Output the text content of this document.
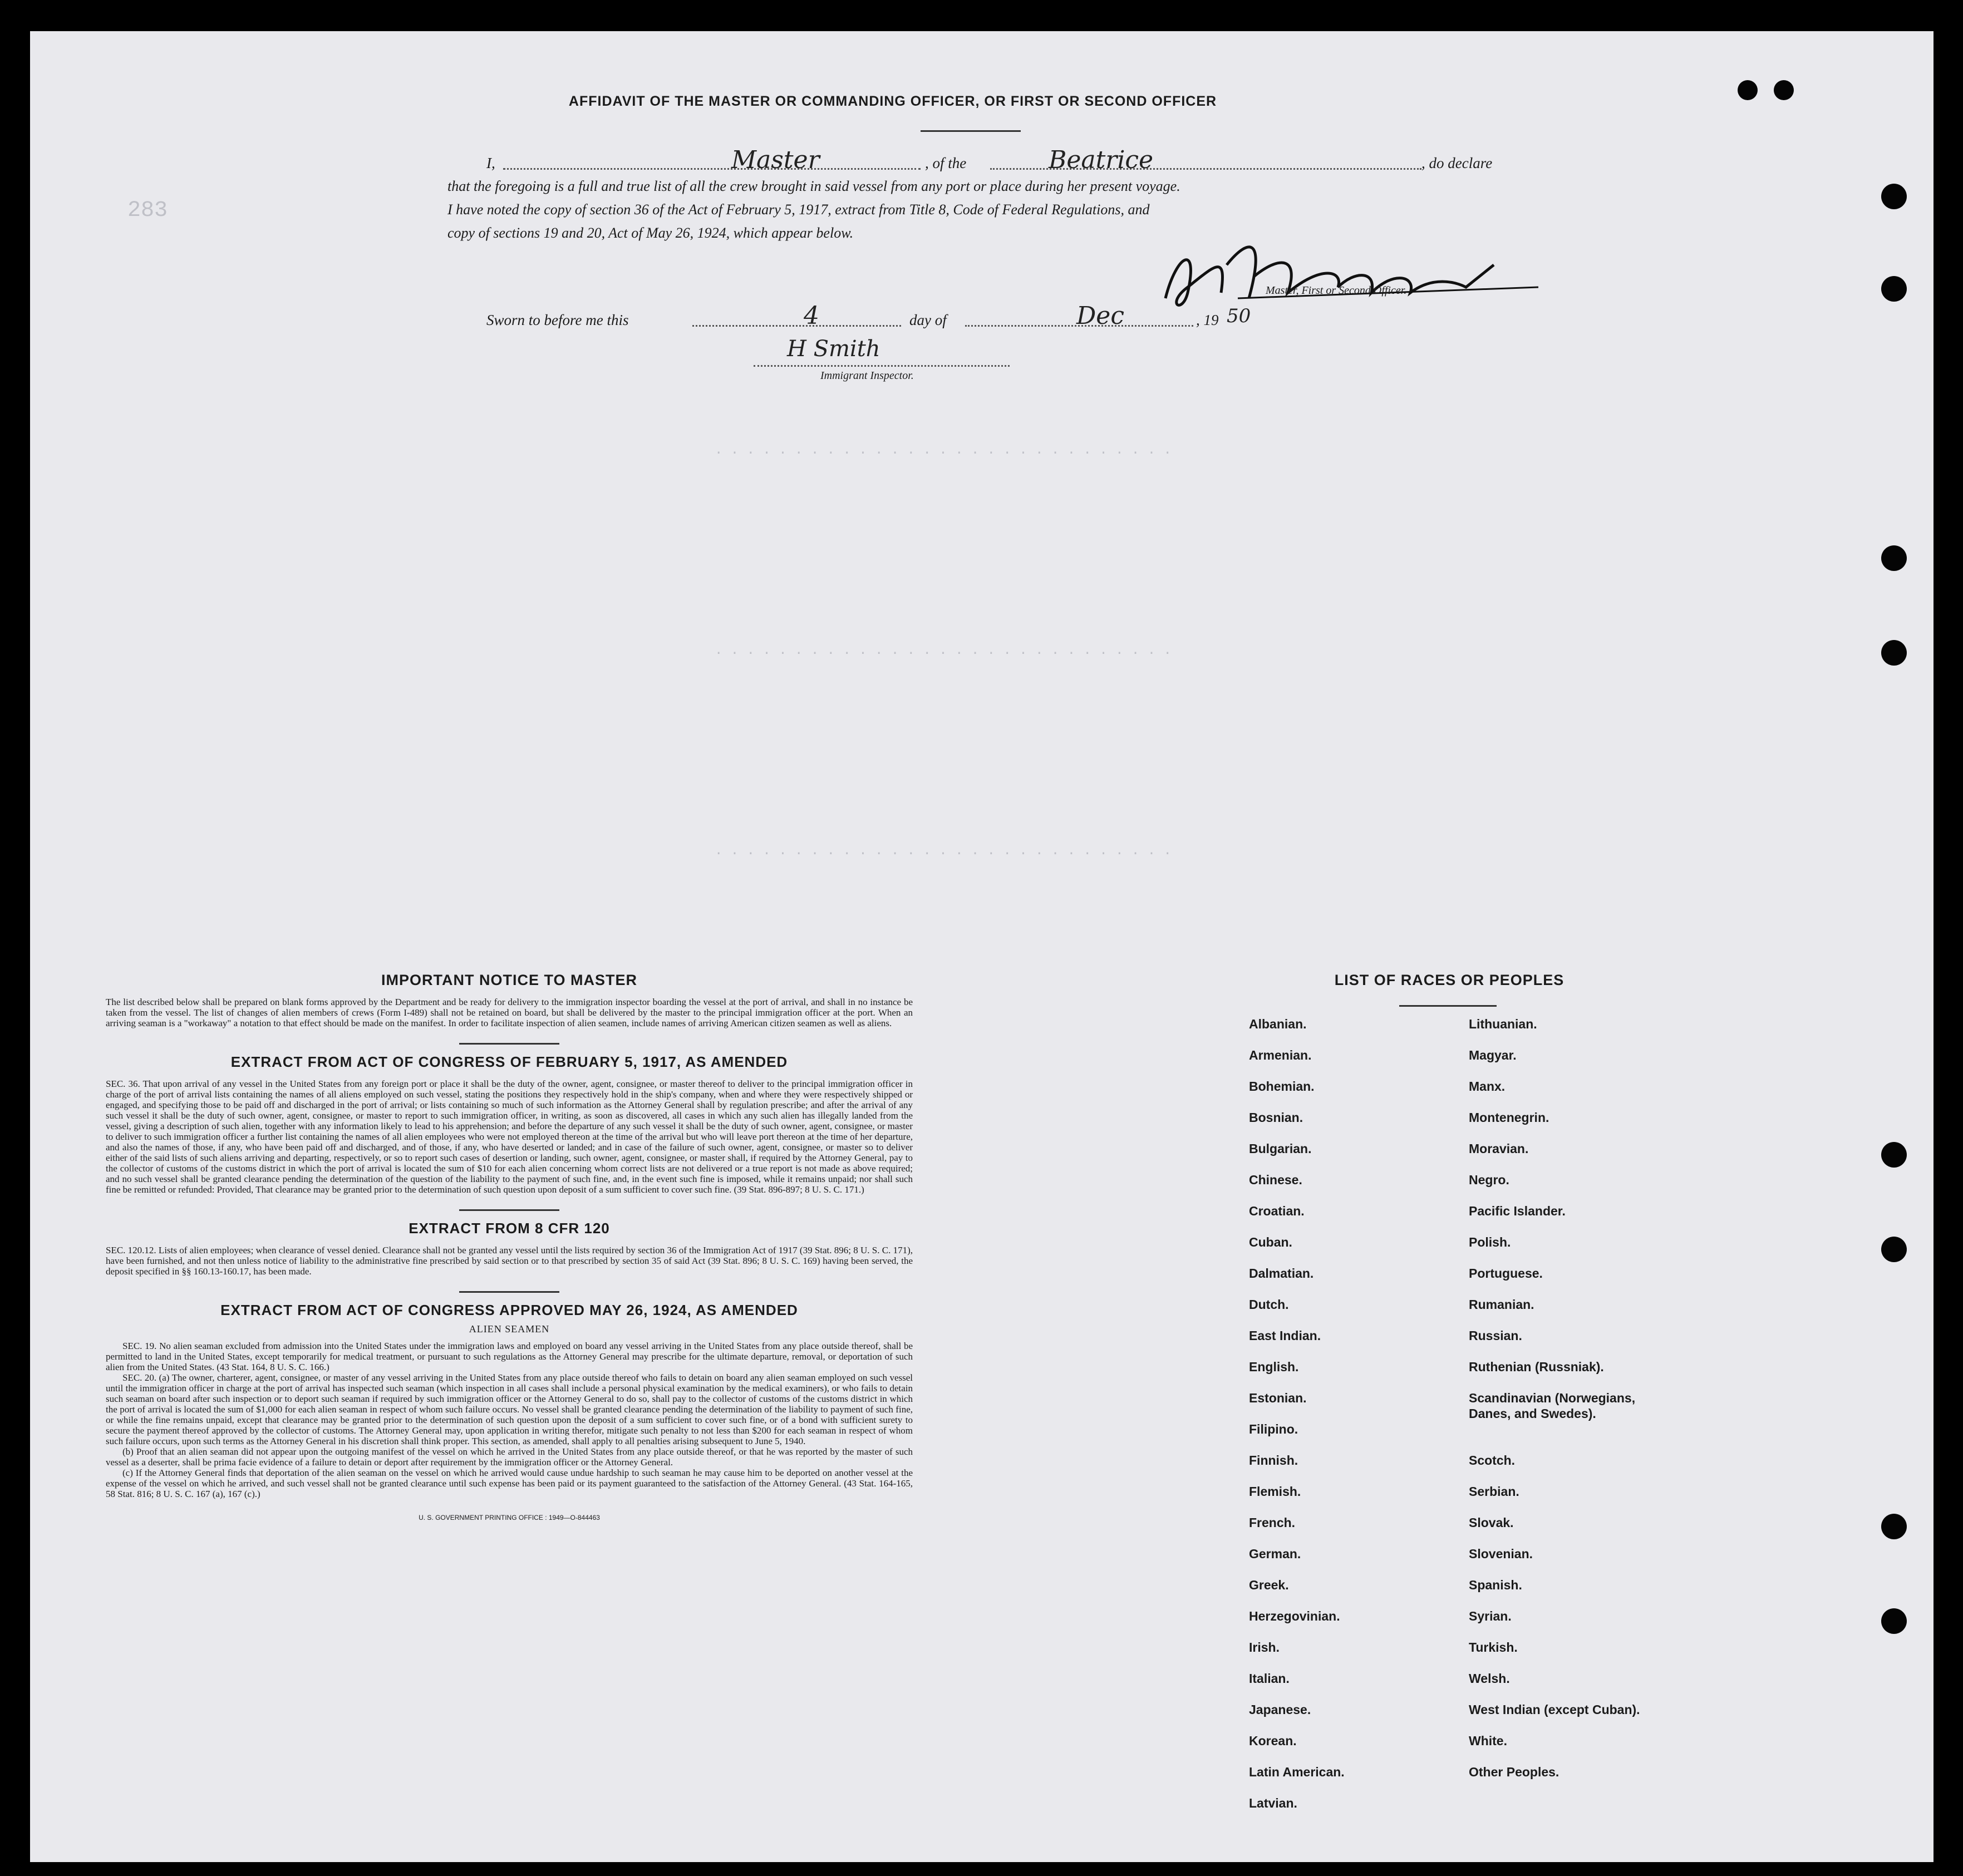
283
. . . . . . . . . . . . . . . . . . . . . . . . . . . . .
. . . . . . . . . . . . . . . . . . . . . . . . . . . . .
. . . . . . . . . . . . . . . . . . . . . . . . . . . . .
AFFIDAVIT OF THE MASTER OR COMMANDING OFFICER, OR FIRST OR SECOND OFFICER
I,	Master	, of the	Beatrice	, do declare
that the foregoing is a full and true list of all the crew brought in said vessel from any port or place during her present voyage.
I have noted the copy of section 36 of the Act of February 5, 1917, extract from Title 8, Code of Federal Regulations, and
copy of sections 19 and 20, Act of May 26, 1924, which appear below.
Master, First or Second Officer.
Sworn to before me this	4	day of	Dec	, 19 50
H Smith
Immigrant Inspector.
IMPORTANT NOTICE TO MASTER

The list described below shall be prepared on blank forms approved by the Department and be ready for delivery to the immigration inspector boarding the vessel at the port of arrival, and shall in no instance be taken from the vessel. The list of changes of alien members of crews (Form I-489) shall not be retained on board, but shall be delivered by the master to the principal immigration officer at the port. When an arriving seaman is a "workaway" a notation to that effect should be made on the manifest. In order to facilitate inspection of alien seamen, include names of arriving American citizen seamen as well as aliens.

EXTRACT FROM ACT OF CONGRESS OF FEBRUARY 5, 1917, AS AMENDED

SEC. 36. That upon arrival of any vessel in the United States from any foreign port or place it shall be the duty of the owner, agent, consignee, or master thereof to deliver to the principal immigration officer in charge of the port of arrival lists containing the names of all aliens employed on such vessel, stating the positions they respectively hold in the ship's company, when and where they were respectively shipped or engaged, and specifying those to be paid off and discharged in the port of arrival; or lists containing so much of such information as the Attorney General shall by regulation prescribe; and after the arrival of any such vessel it shall be the duty of such owner, agent, consignee, or master to report to such immigration officer, in writing, as soon as discovered, all cases in which any such alien has illegally landed from the vessel, giving a description of such alien, together with any information likely to lead to his apprehension; and before the departure of any such vessel it shall be the duty of such owner, agent, consignee, or master to deliver to such immigration officer a further list containing the names of all alien employees who were not employed thereon at the time of the arrival but who will leave port thereon at the time of her departure, and also the names of those, if any, who have been paid off and discharged, and of those, if any, who have deserted or landed; and in case of the failure of such owner, agent, consignee, or master so to deliver either of the said lists of such aliens arriving and departing, respectively, or so to report such cases of desertion or landing, such owner, agent, consignee, or master shall, if required by the Attorney General, pay to the collector of customs of the customs district in which the port of arrival is located the sum of $10 for each alien concerning whom correct lists are not delivered or a true report is not made as above required; and no such vessel shall be granted clearance pending the determination of the question of the liability to the payment of such fine, and, in the event such fine is imposed, while it remains unpaid; nor shall such fine be remitted or refunded: Provided, That clearance may be granted prior to the determination of such question upon deposit of a sum sufficient to cover such fine. (39 Stat. 896-897; 8 U. S. C. 171.)

EXTRACT FROM 8 CFR 120

SEC. 120.12. Lists of alien employees; when clearance of vessel denied. Clearance shall not be granted any vessel until the lists required by section 36 of the Immigration Act of 1917 (39 Stat. 896; 8 U. S. C. 171), have been furnished, and not then unless notice of liability to the administrative fine prescribed by said section or to that prescribed by section 35 of said Act (39 Stat. 896; 8 U. S. C. 169) having been served, the deposit specified in §§ 160.13-160.17, has been made.

EXTRACT FROM ACT OF CONGRESS APPROVED MAY 26, 1924, AS AMENDED
ALIEN SEAMEN

SEC. 19. No alien seaman excluded from admission into the United States under the immigration laws and employed on board any vessel arriving in the United States from any place outside thereof, shall be permitted to land in the United States, except temporarily for medical treatment, or pursuant to such regulations as the Attorney General may prescribe for the ultimate departure, removal, or deportation of such alien from the United States. (43 Stat. 164, 8 U. S. C. 166.)

SEC. 20. (a) The owner, charterer, agent, consignee, or master of any vessel arriving in the United States from any place outside thereof who fails to detain on board any alien seaman employed on such vessel until the immigration officer in charge at the port of arrival has inspected such seaman (which inspection in all cases shall include a personal physical examination by the medical examiners), or who fails to detain such seaman on board after such inspection or to deport such seaman if required by such immigration officer or the Attorney General to do so, shall pay to the collector of customs of the customs district in which the port of arrival is located the sum of $1,000 for each alien seaman in respect of whom such failure occurs. No vessel shall be granted clearance pending the determination of the liability to payment of such fine, or while the fine remains unpaid, except that clearance may be granted prior to the determination of such question upon the deposit of a sum sufficient to cover such fine, or of a bond with sufficient surety to secure the payment thereof approved by the collector of customs. The Attorney General may, upon application in writing therefor, mitigate such penalty to not less than $200 for each seaman in respect of whom such failure occurs, upon such terms as the Attorney General in his discretion shall think proper. This section, as amended, shall apply to all penalties arising subsequent to June 5, 1940.

(b) Proof that an alien seaman did not appear upon the outgoing manifest of the vessel on which he arrived in the United States from any place outside thereof, or that he was reported by the master of such vessel as a deserter, shall be prima facie evidence of a failure to detain or deport after requirement by the immigration officer or the Attorney General.

(c) If the Attorney General finds that deportation of the alien seaman on the vessel on which he arrived would cause undue hardship to such seaman he may cause him to be deported on another vessel at the expense of the vessel on which he arrived, and such vessel shall not be granted clearance until such expense has been paid or its payment guaranteed to the satisfaction of the Attorney General. (43 Stat. 164-165, 58 Stat. 816; 8 U. S. C. 167 (a), 167 (c).)

U. S. GOVERNMENT PRINTING OFFICE : 1949—O-844463
LIST OF RACES OR PEOPLES
Albanian.
Armenian.
Bohemian.
Bosnian.
Bulgarian.
Chinese.
Croatian.
Cuban.
Dalmatian.
Dutch.
East Indian.
English.
Estonian.
Filipino.
Finnish.
Flemish.
French.
German.
Greek.
Herzegovinian.
Irish.
Italian.
Japanese.
Korean.
Latin American.
Latvian.
Lithuanian.
Magyar.
Manx.
Montenegrin.
Moravian.
Negro.
Pacific Islander.
Polish.
Portuguese.
Rumanian.
Russian.
Ruthenian (Russniak).
Scandinavian (Norwegians,
Danes, and Swedes).
Scotch.
Serbian.
Slovak.
Slovenian.
Spanish.
Syrian.
Turkish.
Welsh.
West Indian (except Cuban).
White.
Other Peoples.
